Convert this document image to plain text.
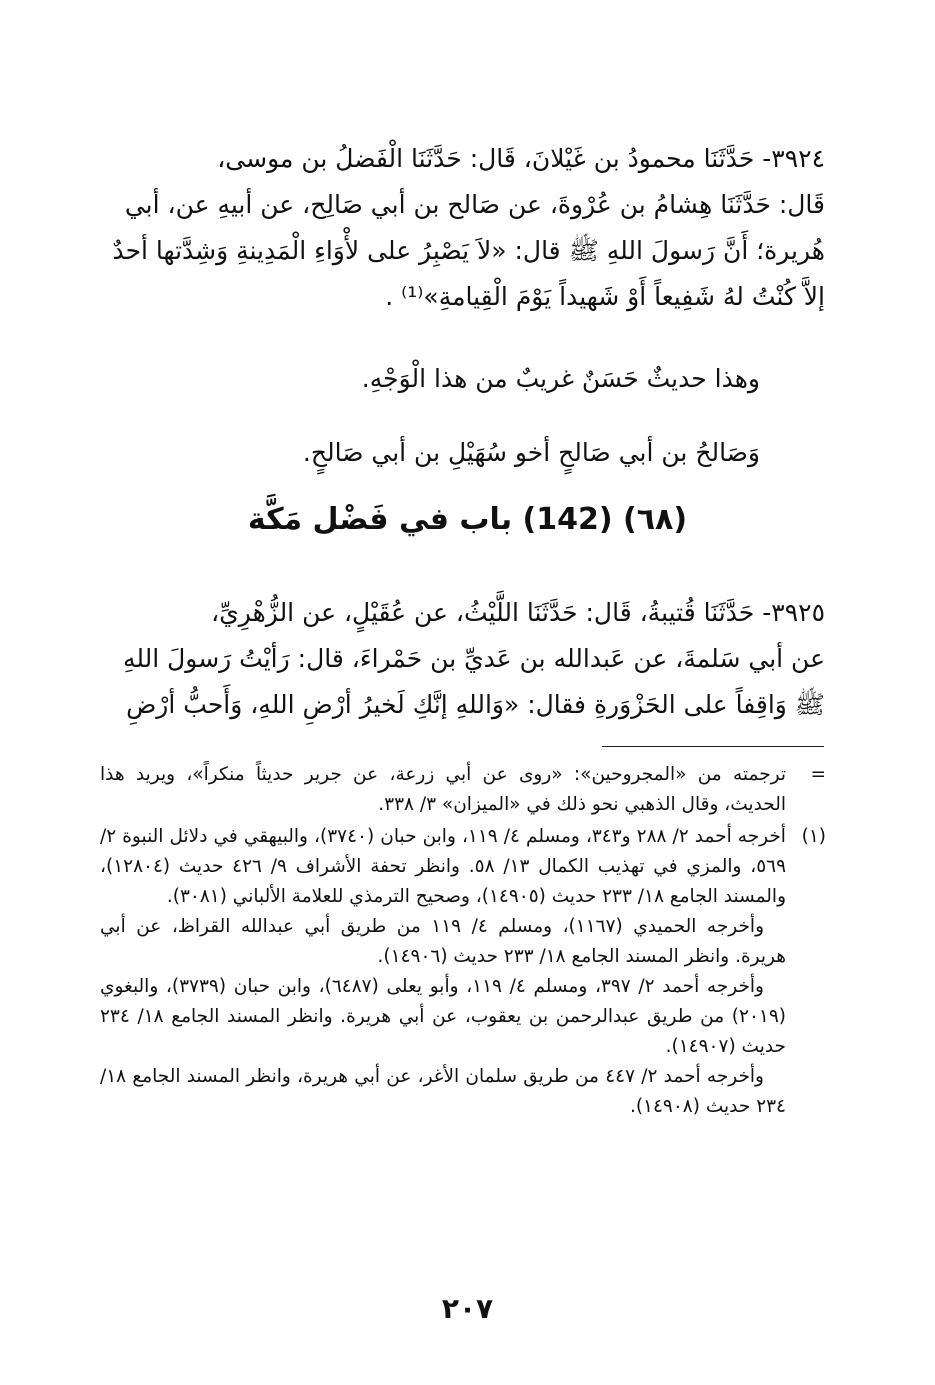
٣٩٢٤- حَدَّثَنَا محمودُ بن غَيْلانَ، قَال: حَدَّثَنَا الْفَضلُ بن موسى،
قَال: حَدَّثَنَا هِشامُ بن عُرْوةَ، عن صَالح بن أبي صَالِح، عن أبيهِ عن، أبي
هُريرة؛ أَنَّ رَسولَ اللهِ ﷺ قال: «لاَ يَصْبِرُ على لأْوَاءِ الْمَدِينةِ وَشِدَّتها أحدٌ
إلاَّ كُنْتُ لهُ شَفِيعاً أَوْ شَهيداً يَوْمَ الْقِيامةِ»⁽¹⁾ .

وهذا حديثٌ حَسَنٌ غريبٌ من هذا الْوَجْهِ.

وَصَالحُ بن أبي صَالحٍ أخو سُهَيْلِ بن أبي صَالحٍ.

(٦٨) (142) باب في فَضْل مَكَّة
٣٩٢٥- حَدَّثَنَا قُتيبةُ، قَال: حَدَّثَنَا اللَّيْثُ، عن عُقَيْلٍ، عن الزُّهْرِيِّ،
عن أبي سَلمةَ، عن عَبدالله بن عَديِّ بن حَمْراءَ، قال: رَأيْتُ رَسولَ اللهِ
ﷺ وَاقِفاً على الحَزْوَرةِ فقال: «وَاللهِ إنَّكِ لَخيرُ أرْضِ اللهِ، وَأَحبُّ أرْضِ
=
ترجمته من «المجروحين»: «روى عن أبي زرعة، عن جرير حديثاً منكراً»، ويريد هذا الحديث، وقال الذهبي نحو ذلك في «الميزان» ٣/ ٣٣٨.
(١)
أخرجه أحمد ٢/ ٢٨٨ و٣٤٣، ومسلم ٤/ ١١٩، وابن حبان (٣٧٤٠)، والبيهقي في دلائل النبوة ٢/ ٥٦٩، والمزي في تهذيب الكمال ١٣/ ٥٨. وانظر تحفة الأشراف ٩/ ٤٢٦ حديث (١٢٨٠٤)، والمسند الجامع ١٨/ ٢٣٣ حديث (١٤٩٠٥)، وصحيح الترمذي للعلامة الألباني (٣٠٨١).
وأخرجه الحميدي (١١٦٧)، ومسلم ٤/ ١١٩ من طريق أبي عبدالله القراظ، عن أبي هريرة. وانظر المسند الجامع ١٨/ ٢٣٣ حديث (١٤٩٠٦).
وأخرجه أحمد ٢/ ٣٩٧، ومسلم ٤/ ١١٩، وأبو يعلى (٦٤٨٧)، وابن حبان (٣٧٣٩)، والبغوي (٢٠١٩) من طريق عبدالرحمن بن يعقوب، عن أبي هريرة. وانظر المسند الجامع ١٨/ ٢٣٤ حديث (١٤٩٠٧).
وأخرجه أحمد ٢/ ٤٤٧ من طريق سلمان الأغر، عن أبي هريرة، وانظر المسند الجامع ١٨/ ٢٣٤ حديث (١٤٩٠٨).
٢٠٧
